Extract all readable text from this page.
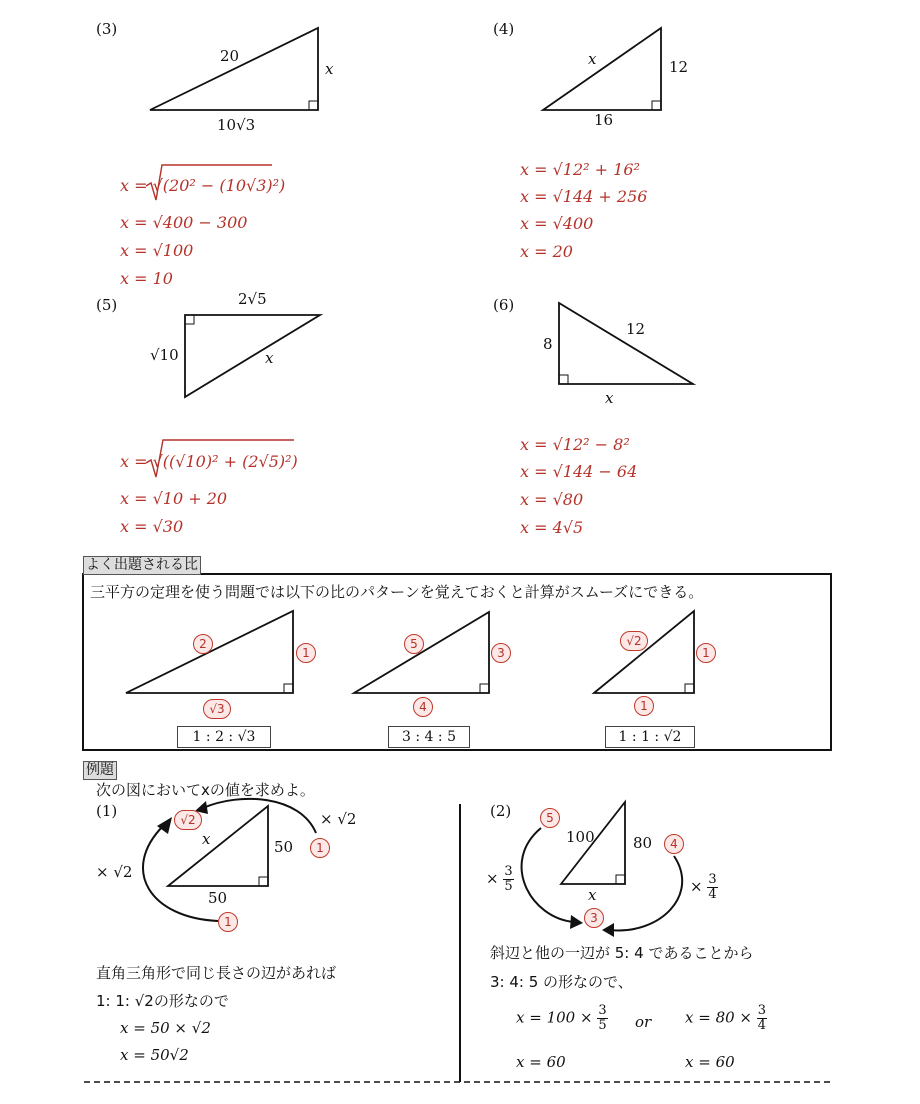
(3)
20
x
10√3
x = √(20² − (10√3)²)
x = √400 − 300
x = √100
x = 10
(4)
x	12
16
x = √12² + 16²
x = √144 + 256
x = √400
x = 20
(5)	2√5
√10	x
x = √((√10)² + (2√5)²)
x = √10 + 20
x = √30
(6)
8
12
x
x = √12² − 8²
x = √144 − 64
x = √80
x = 4√5
よく出題される比
三平方の定理を使う問題では以下の比のパターンを覚えておくと計算がスムーズにできる。
2
1
√3
1 : 2 : √3
5
3
4
3 : 4 : 5
√2
1
1
1 : 1 : √2
例題
次の図においてxの値を求めよ。
(1)	√2	× √2
1
x	50
× √2
50
1
直角三角形で同じ長さの辺があれば
1: 1: √2の形なので
x = 50 × √2
x = 50√2
(2)	5
100	80	4
x
3
× $\frac{3}{5}$	× $\frac{3}{4}$
斜辺と他の一辺が 5: 4 であることから
3: 4: 5 の形なので、
$x = 100 \times \frac{3}{5}$ or $x = 80 \times \frac{3}{4}$
x = 60	x = 60
